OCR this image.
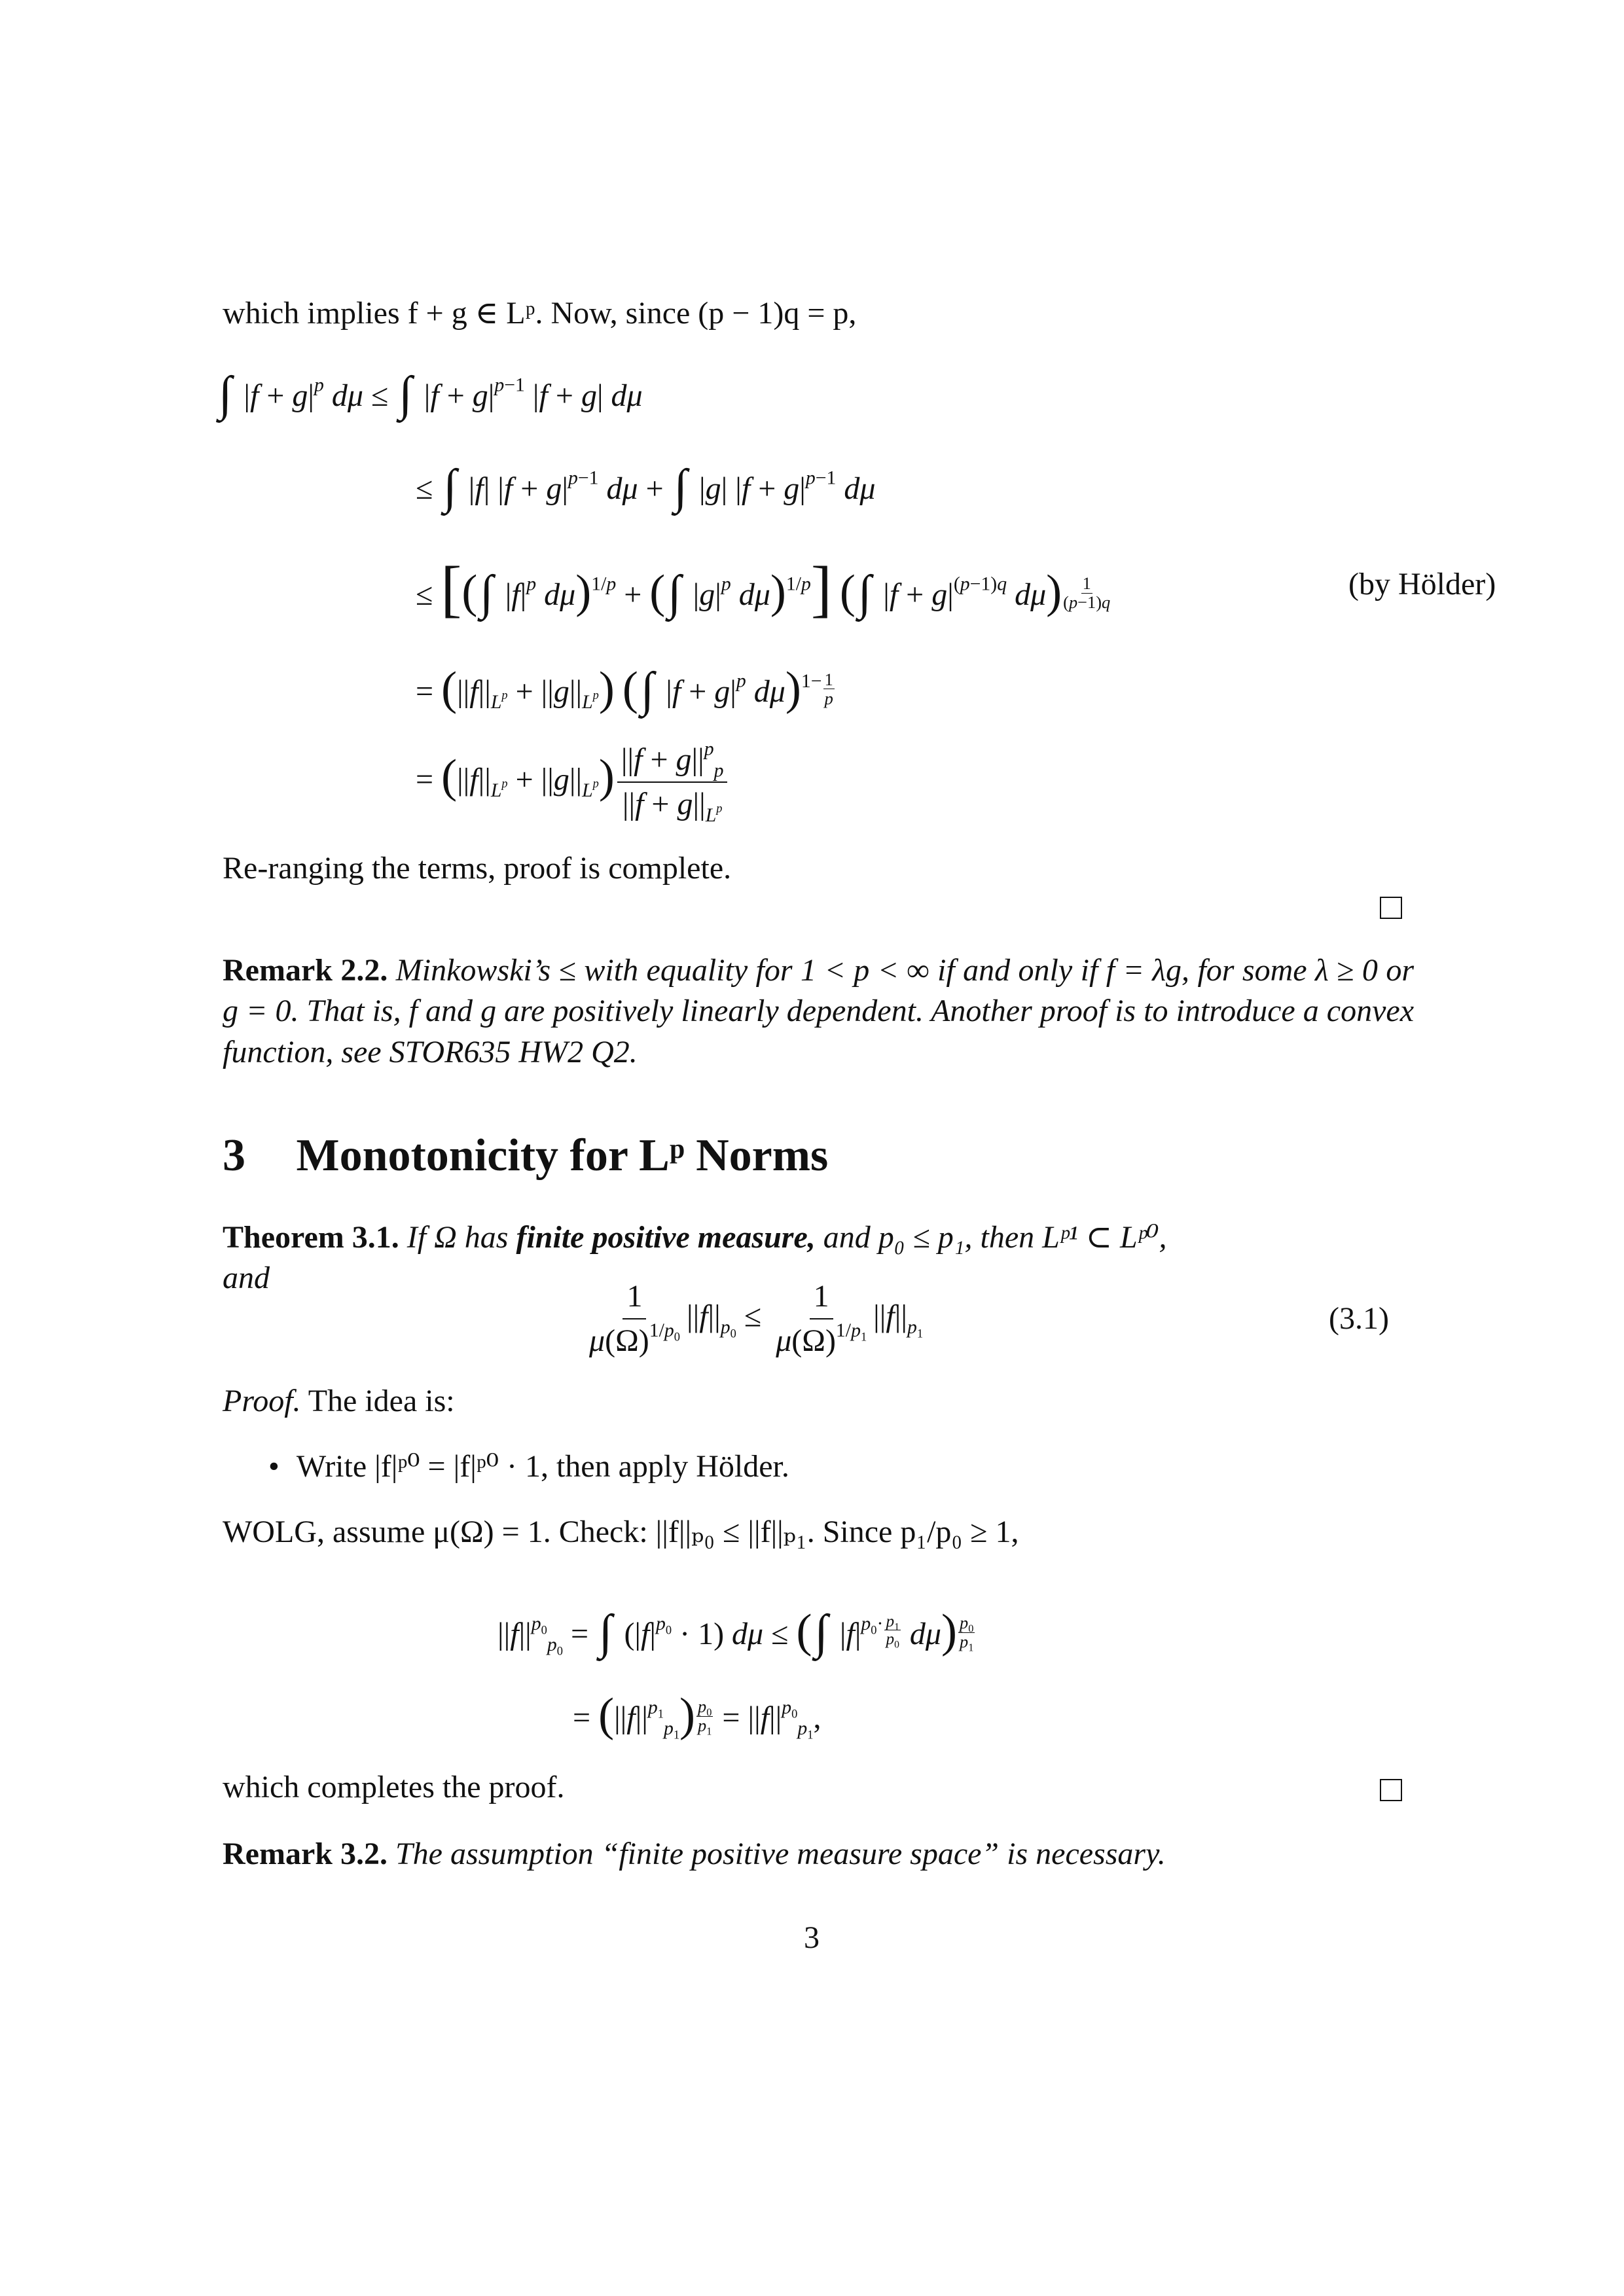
which implies f + g ∈ Lᵖ. Now, since (p − 1)q = p,
∫ $|f + g|^p$ dμ ≤ ∫ $|f + g|^{p-1}$ |f + g| dμ
≤ ∫ |f| $|f + g|^{p-1}$ dμ + ∫ |g| $|f + g|^{p-1}$ dμ
≤ [(∫ $|f|^p$ dμ)$^{1/p}$ + (∫ $|g|^p$ dμ)$^{1/p}$] (∫ $|f + g|^{(p-1)q}$ $d\mu) \frac{1}{(p-1)q}$	(by Hölder)
= $(||f||_{L^p} + ||g||_{L^p})$ (∫ $|f + g|^p$ dμ)$^{1- \frac{1}{p}}$
= $(||f||_{L^p} + ||g||_{L^p}) \frac{||f + g||^p_p}{||f + g||_{L^p}}$
Re-ranging the terms, proof is complete.
Remark 2.2. Minkowski’s ≤ with equality for 1 < p < ∞ if and only if f = λg, for some λ ≥ 0 or g = 0. That is, f and g are positively linearly dependent. Another proof is to introduce a convex function, see STOR635 HW2 Q2.
3 Monotonicity for Lᵖ Norms
Theorem 3.1. If Ω has finite positive measure, and p₀ ≤ p₁, then Lᵖ¹ ⊂ Lᵖ⁰,
and	$\frac{1}{\mu(\Omega)^{1/p_0}} ||f||_{p_0} \le \frac{1}{\mu(\Omega)^{1/p_1}} ||f||_{p_1}$	(3.1)
Proof. The idea is:
• Write |f|ᵖ⁰ = |f|ᵖ⁰ · 1, then apply Hölder.
WOLG, assume μ(Ω) = 1. Check: ||f||ₚ₀ ≤ ||f||ₚ₁. Since p₁/p₀ ≥ 1,
$||f||^{p_0}_{p_0}$ = ∫ $(|f|^{p_0} \cdot 1) d\mu$ ≤ (∫ $|f|^{p_0\cdot \frac{p_1}{p_0}}$ $d\mu) \frac{p_0}{p_1}$
= $(||f||^{p_1}_{p_1}) \frac{p_0}{p_1} = ||f||^{p_0}_{p_1}$,
which completes the proof.
Remark 3.2. The assumption “finite positive measure space” is necessary.
3
